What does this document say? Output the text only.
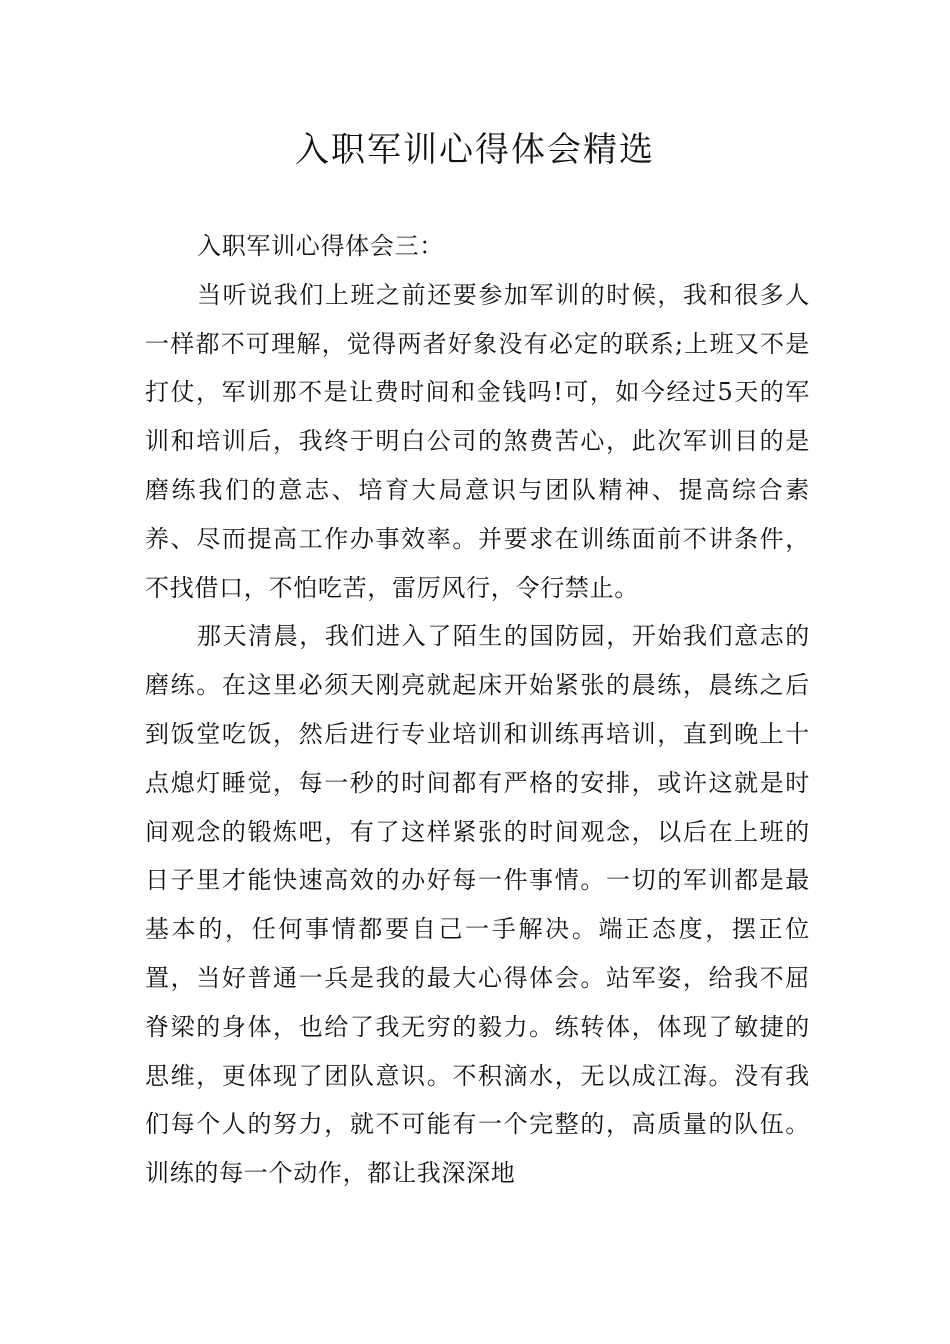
入职军训心得体会精选

入职军训心得体会三：

当听说我们上班之前还要参加军训的时候，我和很多人一样都不可理解，觉得两者好象没有必定的联系;上班又不是打仗，军训那不是让费时间和金钱吗!可，如今经过5天的军训和培训后，我终于明白公司的煞费苦心，此次军训目的是磨练我们的意志、培育大局意识与团队精神、提高综合素养、尽而提高工作办事效率。并要求在训练面前不讲条件，不找借口，不怕吃苦，雷厉风行，令行禁止。

那天清晨，我们进入了陌生的国防园，开始我们意志的磨练。在这里必须天刚亮就起床开始紧张的晨练，晨练之后到饭堂吃饭，然后进行专业培训和训练再培训，直到晚上十点熄灯睡觉，每一秒的时间都有严格的安排，或许这就是时间观念的锻炼吧，有了这样紧张的时间观念，以后在上班的日子里才能快速高效的办好每一件事情。一切的军训都是最基本的，任何事情都要自己一手解决。端正态度，摆正位置，当好普通一兵是我的最大心得体会。站军姿，给我不屈脊梁的身体，也给了我无穷的毅力。练转体，体现了敏捷的思维，更体现了团队意识。不积滴水，无以成江海。没有我们每个人的努力，就不可能有一个完整的，高质量的队伍。训练的每一个动作，都让我深深地
